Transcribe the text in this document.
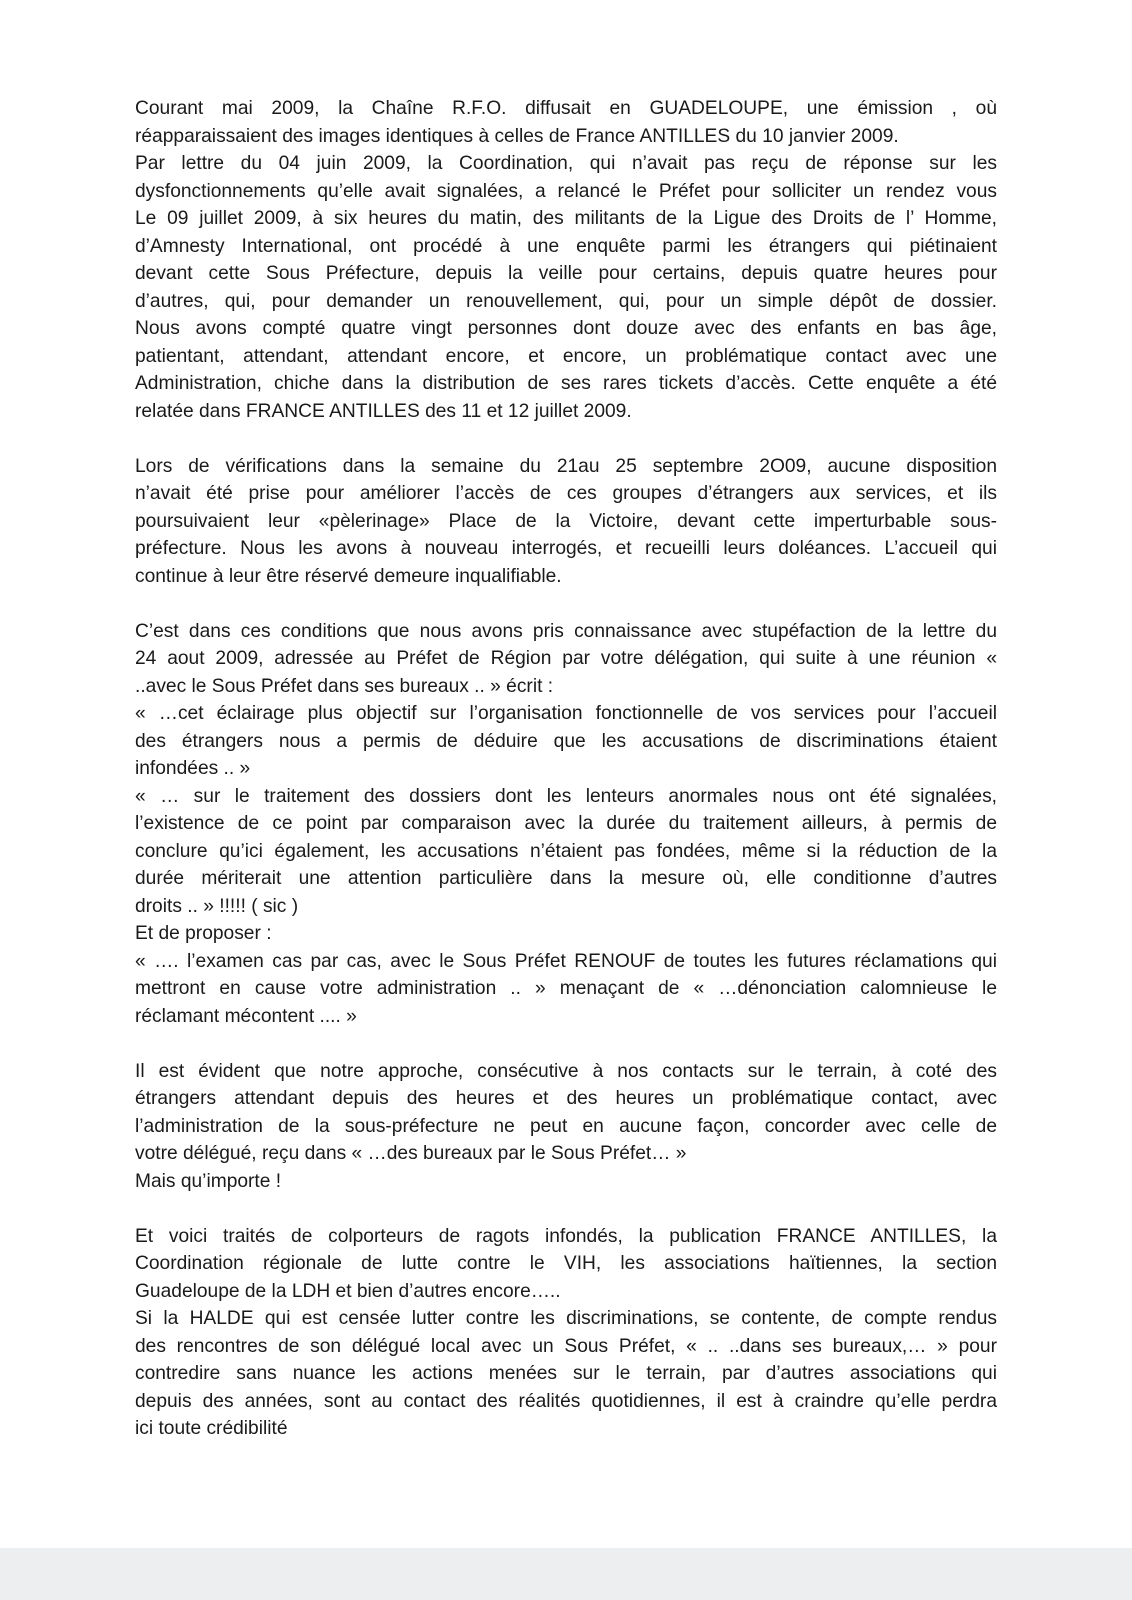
Courant mai 2009, la Chaîne R.F.O. diffusait en GUADELOUPE, une émission , où
réapparaissaient des images identiques à celles de France ANTILLES du 10 janvier 2009.
Par lettre du 04 juin 2009, la Coordination, qui n’avait pas reçu de réponse sur les
dysfonctionnements qu’elle avait signalées, a relancé le Préfet pour solliciter un rendez vous
Le 09 juillet 2009, à six heures du matin, des militants de la Ligue des Droits de l’ Homme,
d’Amnesty International, ont procédé à une enquête parmi les étrangers qui piétinaient
devant cette Sous Préfecture, depuis la veille pour certains, depuis quatre heures pour
d’autres, qui, pour demander un renouvellement, qui, pour un simple dépôt de dossier.
Nous avons compté quatre vingt personnes dont douze avec des enfants en bas âge,
patientant, attendant, attendant encore, et encore, un problématique contact avec une
Administration, chiche dans la distribution de ses rares tickets d’accès. Cette enquête a été
relatée dans FRANCE ANTILLES des 11 et 12 juillet 2009.
Lors de vérifications dans la semaine du 21au 25 septembre 2O09, aucune disposition
n’avait été prise pour améliorer l’accès de ces groupes d’étrangers aux services, et ils
poursuivaient leur «pèlerinage» Place de la Victoire, devant cette imperturbable sous-
préfecture. Nous les avons à nouveau interrogés, et recueilli leurs doléances. L’accueil qui
continue à leur être réservé demeure inqualifiable.
C’est dans ces conditions que nous avons pris connaissance avec stupéfaction de la lettre du
24 aout 2009, adressée au Préfet de Région par votre délégation, qui suite à une réunion «
..avec le Sous Préfet dans ses bureaux .. » écrit :
« …cet éclairage plus objectif sur l’organisation fonctionnelle de vos services pour l’accueil
des étrangers nous a permis de déduire que les accusations de discriminations étaient
infondées .. »
« … sur le traitement des dossiers dont les lenteurs anormales nous ont été signalées,
l’existence de ce point par comparaison avec la durée du traitement ailleurs, à permis de
conclure qu’ici également, les accusations n’étaient pas fondées, même si la réduction de la
durée mériterait une attention particulière dans la mesure où, elle conditionne d’autres
droits .. » !!!!! ( sic )
Et de proposer :
« …. l’examen cas par cas, avec le Sous Préfet RENOUF de toutes les futures réclamations qui
mettront en cause votre administration .. » menaçant de « …dénonciation calomnieuse le
réclamant mécontent .... »
Il est évident que notre approche, consécutive à nos contacts sur le terrain, à coté des
étrangers attendant depuis des heures et des heures un problématique contact, avec
l’administration de la sous-préfecture ne peut en aucune façon, concorder avec celle de
votre délégué, reçu dans « …des bureaux par le Sous Préfet… »
Mais qu’importe !
Et voici traités de colporteurs de ragots infondés, la publication FRANCE ANTILLES, la
Coordination régionale de lutte contre le VIH, les associations haïtiennes, la section
Guadeloupe de la LDH et bien d’autres encore…..
Si la HALDE qui est censée lutter contre les discriminations, se contente, de compte rendus
des rencontres de son délégué local avec un Sous Préfet, « .. ..dans ses bureaux,… » pour
contredire sans nuance les actions menées sur le terrain, par d’autres associations qui
depuis des années, sont au contact des réalités quotidiennes, il est à craindre qu’elle perdra
ici toute crédibilité
